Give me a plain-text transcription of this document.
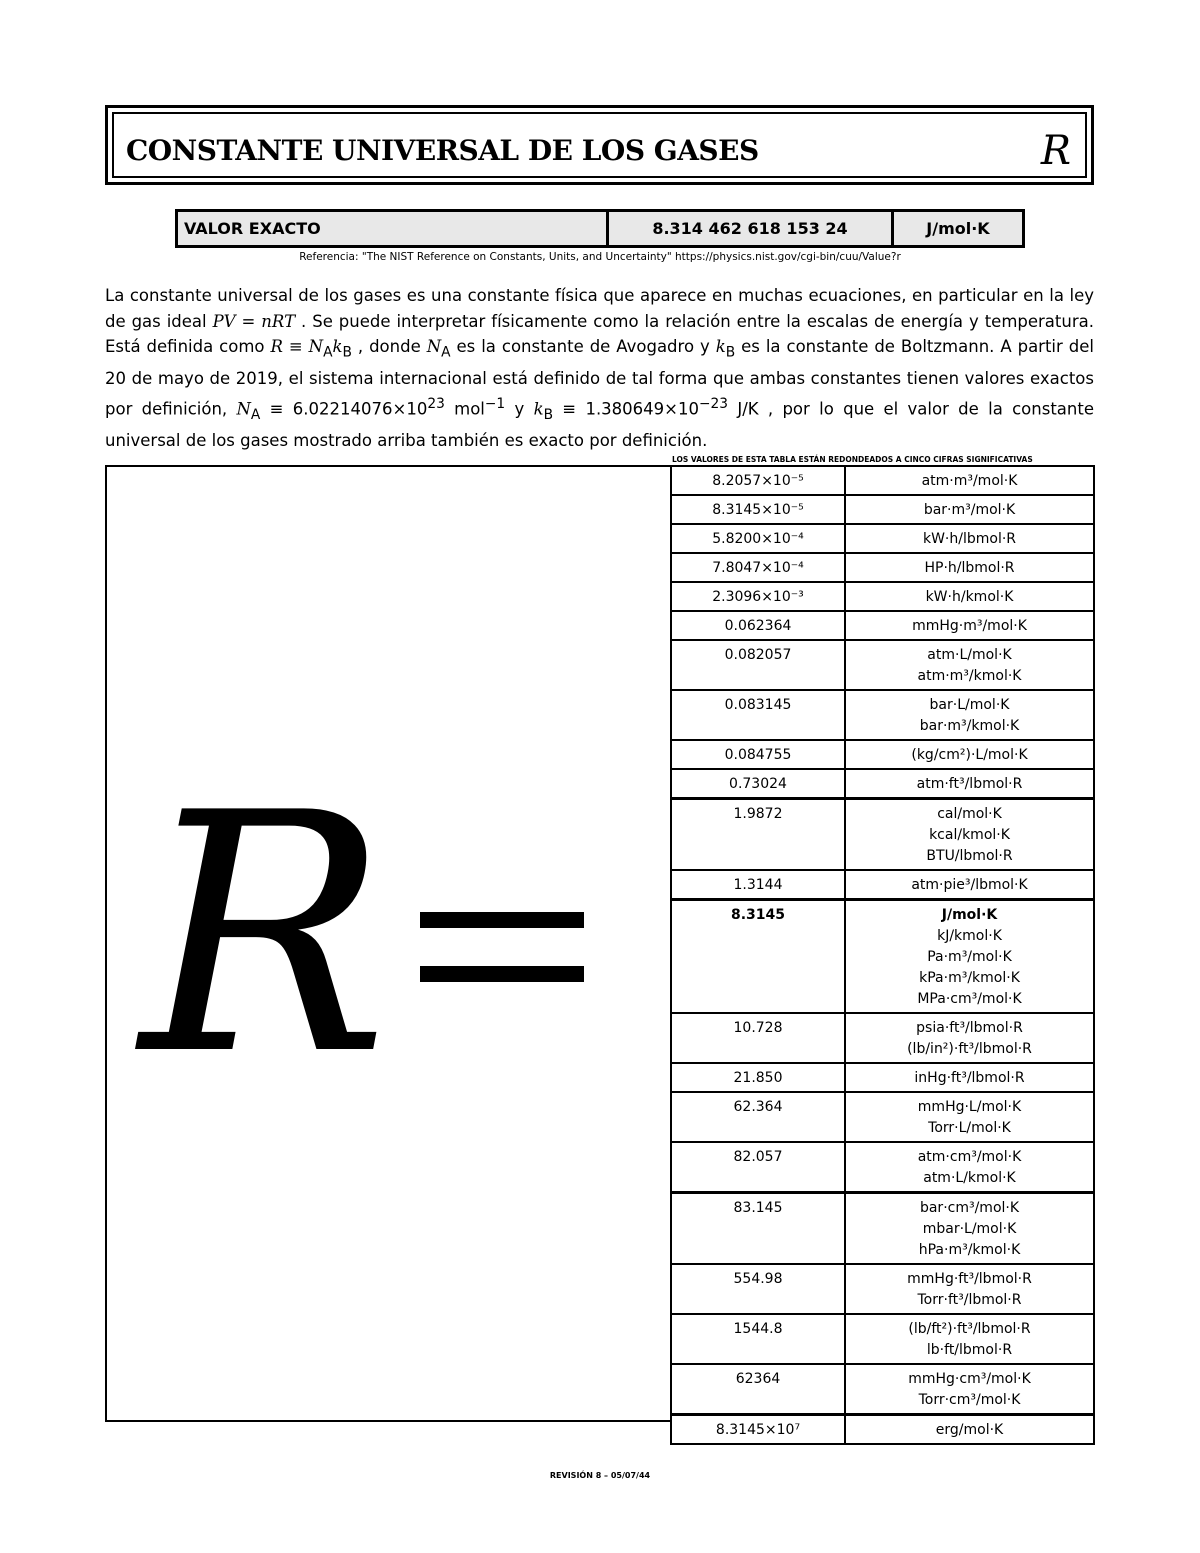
CONSTANTE UNIVERSAL DE LOS GASES	R
VALOR EXACTO	8.314 462 618 153 24	J/mol·K
Referencia: "The NIST Reference on Constants, Units, and Uncertainty" https://physics.nist.gov/cgi-bin/cuu/Value?r
La constante universal de los gases es una constante física que aparece en muchas ecuaciones, en particular en la ley de gas ideal PV = nRT . Se puede interpretar físicamente como la relación entre la escalas de energía y temperatura. Está definida como $R \equiv N_Ak_B$ , donde $N_A$ es la constante de Avogadro y $k_B$ es la constante de Boltzmann. A partir del 20 de mayo de 2019, el sistema internacional está definido de tal forma que ambas constantes tienen valores exactos por definición, $N_A \equiv 6.02214076\times 10^{23}$ mol$^{-1}$ y $k_B \equiv 1.380649\times 10^{-23}$ J/K , por lo que el valor de la constante universal de los gases mostrado arriba también es exacto por definición.
LOS VALORES DE ESTA TABLA ESTÁN REDONDEADOS A CINCO CIFRAS SIGNIFICATIVAS
R
8.2057×10⁻⁵	atm·m³/mol·K

8.3145×10⁻⁵	bar·m³/mol·K

5.8200×10⁻⁴	kW·h/lbmol·R

7.8047×10⁻⁴	HP·h/lbmol·R

2.3096×10⁻³	kW·h/kmol·K

0.062364	mmHg·m³/mol·K

0.082057	atm·L/mol·K
atm·m³/kmol·K

0.083145	bar·L/mol·K
bar·m³/kmol·K

0.084755	(kg/cm²)·L/mol·K

0.73024	atm·ft³/lbmol·R

1.9872	cal/mol·K
kcal/kmol·K
BTU/lbmol·R

1.3144	atm·pie³/lbmol·K

8.3145	J/mol·K
kJ/kmol·K
Pa·m³/mol·K
kPa·m³/kmol·K
MPa·cm³/mol·K

10.728	psia·ft³/lbmol·R
(lb/in²)·ft³/lbmol·R

21.850	inHg·ft³/lbmol·R

62.364	mmHg·L/mol·K
Torr·L/mol·K

82.057	atm·cm³/mol·K
atm·L/kmol·K

83.145	bar·cm³/mol·K
mbar·L/mol·K
hPa·m³/kmol·K

554.98	mmHg·ft³/lbmol·R
Torr·ft³/lbmol·R

1544.8	(lb/ft²)·ft³/lbmol·R
lb·ft/lbmol·R

62364	mmHg·cm³/mol·K
Torr·cm³/mol·K

8.3145×10⁷	erg/mol·K
REVISIÓN 8 – 05/07/44
